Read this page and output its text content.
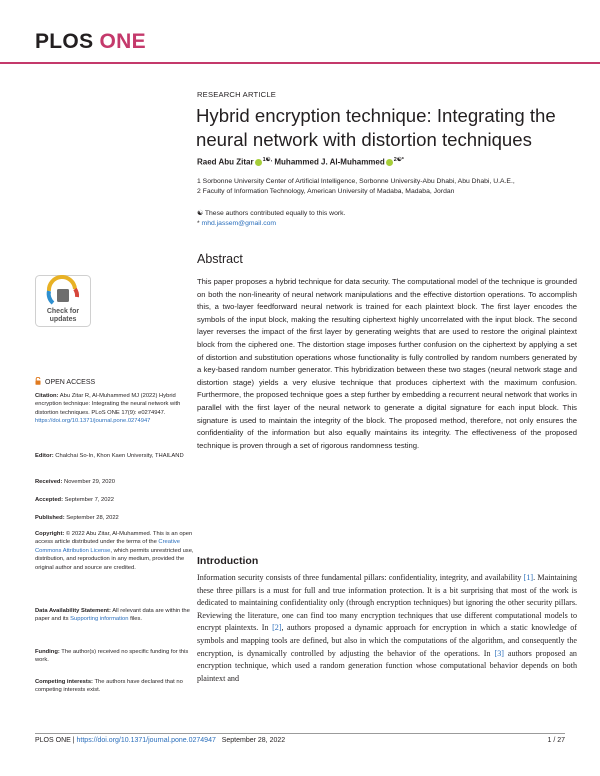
PLOS ONE
RESEARCH ARTICLE
Hybrid encryption technique: Integrating the neural network with distortion techniques
Raed Abu Zitar $^{1☯,}$ Muhammed J. Al-Muhammed $^{2☯*}$
1 Sorbonne University Center of Artificial Intelligence, Sorbonne University-Abu Dhabi, Abu Dhabi, U.A.E.,
2 Faculty of Information Technology, American University of Madaba, Madaba, Jordan
☯ These authors contributed equally to this work.
* mhd.jassem@gmail.com
Abstract
This paper proposes a hybrid technique for data security. The computational model of the technique is grounded on both the non-linearity of neural network manipulations and the effective distortion operations. To accomplish this, a two-layer feedforward neural network is trained for each plaintext block. The first layer encodes the symbols of the input block, making the resulting ciphertext highly uncorrelated with the input block. The second layer reverses the impact of the first layer by generating weights that are used to restore the original plaintext block from the ciphered one. The distortion stage imposes further confusion on the ciphertext by applying a set of distortion and substitution operations whose functionality is fully controlled by random numbers generated by a key-based random number generator. This hybridization between these two stages (neural network stage and distortion stage) yields a very elusive technique that produces ciphertext with the maximum confusion. Furthermore, the proposed technique goes a step further by embedding a recurrent neural network that works in parallel with the first layer of the neural network to generate a digital signature for each input block. This signature is used to maintain the integrity of the block. The proposed method, therefore, not only ensures the confidentiality of the information but also equally maintains its integrity. The effectiveness of the proposed technique is proven through a set of rigorous randomness testing.
Introduction
Information security consists of three fundamental pillars: confidentiality, integrity, and availability [1]. Maintaining these three pillars is a must for full and true information protection. It is a bit surprising that most of the work is dedicated to maintaining confidentiality only (through encryption techniques) but ignoring the other security pillars. Reviewing the literature, one can find too many encryption techniques that use different computational models to encrypt plaintexts. In [2], authors proposed a dynamic approach for encryption in which a static knowledge of symbols and mapping tools are defined, but also in which the computations of the algorithm, and consequently the encryption, is dynamically controlled by adjusting the behavior of the operations. In [3] authors proposed an encryption technique, which used a random generation function whose computational behavior depends on both plaintext and
Check for
updates
OPEN ACCESS
Citation: Abu Zitar R, Al-Muhammed MJ (2022) Hybrid encryption technique: Integrating the neural network with distortion techniques. PLoS ONE 17(9): e0274947. https://doi.org/10.1371/journal.pone.0274947
Editor: Chalchai So-In, Khon Kaen University, THAILAND
Received: November 29, 2020
Accepted: September 7, 2022
Published: September 28, 2022
Copyright: © 2022 Abu Zitar, Al-Muhammed. This is an open access article distributed under the terms of the Creative Commons Attribution License, which permits unrestricted use, distribution, and reproduction in any medium, provided the original author and source are credited.
Data Availability Statement: All relevant data are within the paper and its Supporting information files.
Funding: The author(s) received no specific funding for this work.
Competing interests: The authors have declared that no competing interests exist.
PLOS ONE | https://doi.org/10.1371/journal.pone.0274947 September 28, 2022	1 / 27
